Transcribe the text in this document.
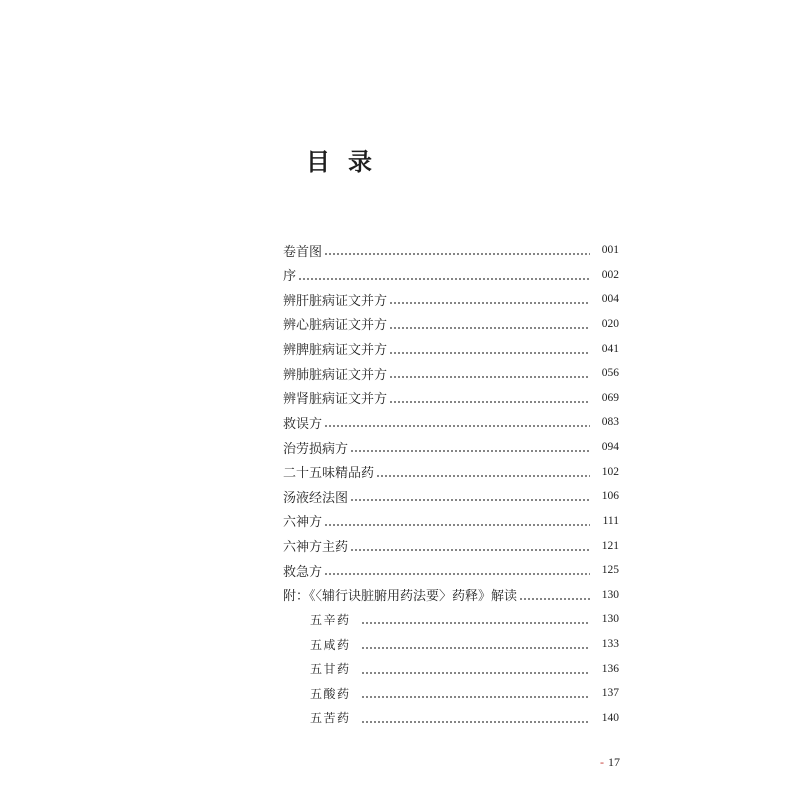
目 录
卷首图	001
序	002
辨肝脏病证文并方	004
辨心脏病证文并方	020
辨脾脏病证文并方	041
辨肺脏病证文并方	056
辨肾脏病证文并方	069
救误方	083
治劳损病方	094
二十五味精品药	102
汤液经法图	106
六神方	111
六神方主药	121
救急方	125
附：《〈辅行诀脏腑用药法要〉药释》解读	130
五辛药	130
五咸药	133
五甘药	136
五酸药	137
五苦药	140
- 17
